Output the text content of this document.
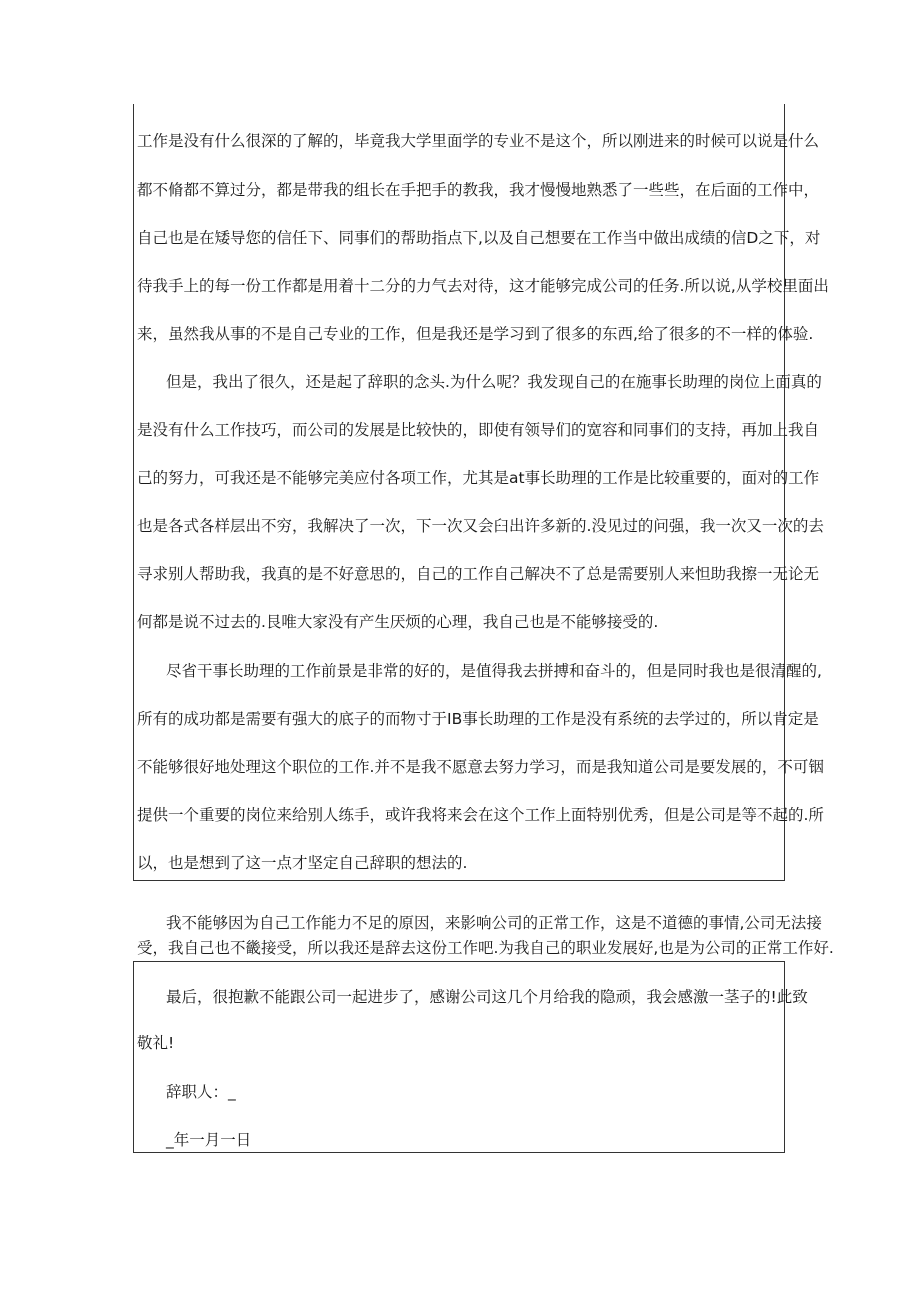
工作是没有什么很深的了解的，毕竟我大学里面学的专业不是这个，所以刚进来的时候可以说是什么
都不脩都不算过分，都是带我的组长在手把手的教我，我才慢慢地熟悉了一些些，在后面的工作中，
自己也是在矮导您的信任下、同事们的帮助指点下,以及自己想要在工作当中做出成绩的信D之下，对
待我手上的每一份工作都是用着十二分的力气去对待，这才能够完成公司的任务.所以说,从学校里面出
来，虽然我从事的不是自己专业的工作，但是我还是学习到了很多的东西,给了很多的不一样的体验.
但是，我出了很久，还是起了辞职的念头.为什么呢？我发现自己的在施事长助理的岗位上面真的
是没有什么工作技巧，而公司的发展是比较快的，即使有领导们的宽容和同事们的支持，再加上我自
己的努力，可我还是不能够完美应付各项工作，尤其是at事长助理的工作是比较重要的，面对的工作
也是各式各样层出不穷，我解决了一次，下一次又会臼出许多新的.没见过的问强，我一次又一次的去
寻求别人帮助我，我真的是不好意思的，自己的工作自己解决不了总是需要别人来怛助我擦一无论无
何都是说不过去的.艮唯大家没有产生厌烦的心理，我自己也是不能够接受的.
尽省干事长助理的工作前景是非常的好的，是值得我去拼搏和奋斗的，但是同时我也是很清醒的,
所有的成功都是需要有强大的底子的而物寸于IB事长助理的工作是没有系统的去学过的，所以肯定是
不能够很好地处理这个职位的工作.并不是我不愿意去努力学习，而是我知道公司是要发展的，不可铟
提供一个重要的岗位来给别人练手，或许我将来会在这个工作上面特别优秀，但是公司是等不起的.所
以，也是想到了这一点才坚定自己辞职的想法的.
我不能够因为自己工作能力不足的原因，来影响公司的正常工作，这是不道德的事情,公司无法接
受，我自己也不畿接受，所以我还是辞去这份工作吧.为我自己的职业发展好,也是为公司的正常工作好.
最后，很抱歉不能跟公司一起进步了，感谢公司这几个月给我的隐顽，我会感激一茎子的!此致
敬礼!
辞职人：_
_年一月一日
